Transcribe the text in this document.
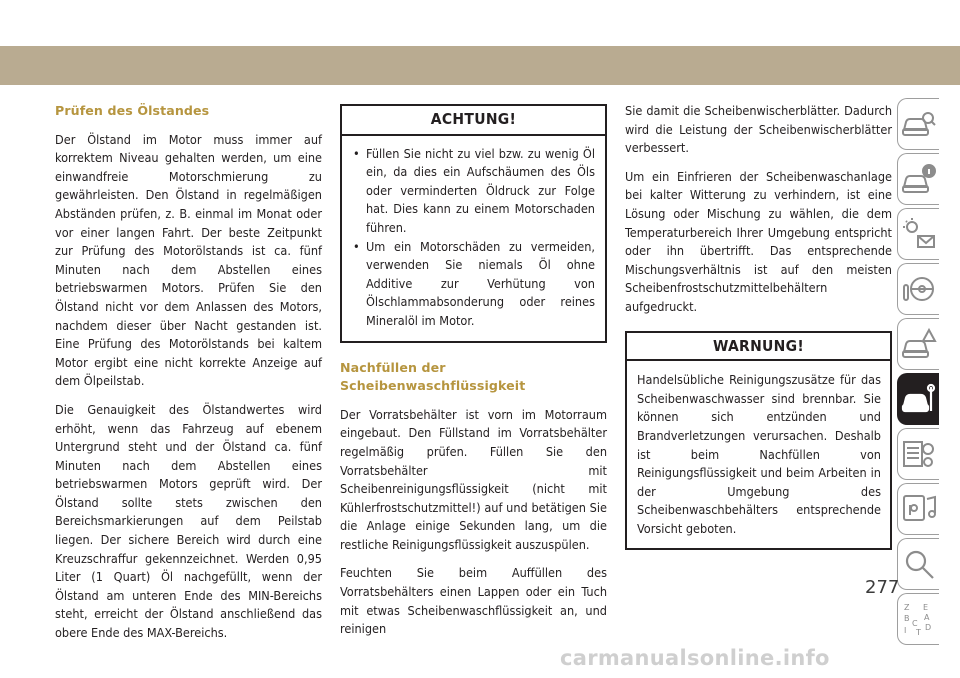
Prüfen des Ölstandes

Der Ölstand im Motor muss immer auf korrektem Niveau gehalten werden, um eine einwandfreie Motorschmierung zu gewährleisten. Den Ölstand in regelmäßigen Abständen prüfen, z. B. einmal im Monat oder vor einer langen Fahrt. Der beste Zeitpunkt zur Prüfung des Motorölstands ist ca. fünf Minuten nach dem Abstellen eines betriebswarmen Motors. Prüfen Sie den Ölstand nicht vor dem Anlassen des Motors, nachdem dieser über Nacht gestanden ist. Eine Prüfung des Motorölstands bei kaltem Motor ergibt eine nicht korrekte Anzeige auf dem Ölpeilstab.

Die Genauigkeit des Ölstandwertes wird erhöht, wenn das Fahrzeug auf ebenem Untergrund steht und der Ölstand ca. fünf Minuten nach dem Abstellen eines betriebswarmen Motors geprüft wird. Der Ölstand sollte stets zwischen den Bereichsmarkierungen auf dem Peilstab liegen. Der sichere Bereich wird durch eine Kreuzschraffur gekennzeichnet. Werden 0,95 Liter (1 Quart) Öl nachgefüllt, wenn der Ölstand am unteren Ende des MIN-Bereichs steht, erreicht der Ölstand anschließend das obere Ende des MAX-Bereichs.

ACHTUNG!
• Füllen Sie nicht zu viel bzw. zu wenig Öl ein, da dies ein Aufschäumen des Öls oder verminderten Öldruck zur Folge hat. Dies kann zu einem Motorschaden führen.
• Um ein Motorschäden zu vermeiden, verwenden Sie niemals Öl ohne Additive zur Verhütung von Ölschlammabsonderung oder reines Mineralöl im Motor.
Nachfüllen der Scheibenwaschflüssigkeit

Der Vorratsbehälter ist vorn im Motorraum eingebaut. Den Füllstand im Vorratsbehälter regelmäßig prüfen. Füllen Sie den Vorratsbehälter mit Scheibenreinigungsflüssigkeit (nicht mit Kühlerfrostschutzmittel!) auf und betätigen Sie die Anlage einige Sekunden lang, um die restliche Reinigungsflüssigkeit auszuspülen.

Feuchten Sie beim Auffüllen des Vorratsbehälters einen Lappen oder ein Tuch mit etwas Scheibenwaschflüssigkeit an, und reinigen

Sie damit die Scheibenwischerblätter. Dadurch wird die Leistung der Scheibenwischerblätter verbessert.

Um ein Einfrieren der Scheibenwaschanlage bei kalter Witterung zu verhindern, ist eine Lösung oder Mischung zu wählen, die dem Temperaturbereich Ihrer Umgebung entspricht oder ihn übertrifft. Das entsprechende Mischungsverhältnis ist auf den meisten Scheibenfrostschutzmittelbehältern aufgedruckt.

WARNUNG!
Handelsübliche Reinigungszusätze für das Scheibenwaschwasser sind brennbar. Sie können sich entzünden und Brandverletzungen verursachen. Deshalb ist beim Nachfüllen von Reinigungsflüssigkeit und beim Arbeiten in der Umgebung des Scheibenwaschbehälters entsprechende Vorsicht geboten.
Z E
B A
C D
I T
277
carmanualsonline.info
